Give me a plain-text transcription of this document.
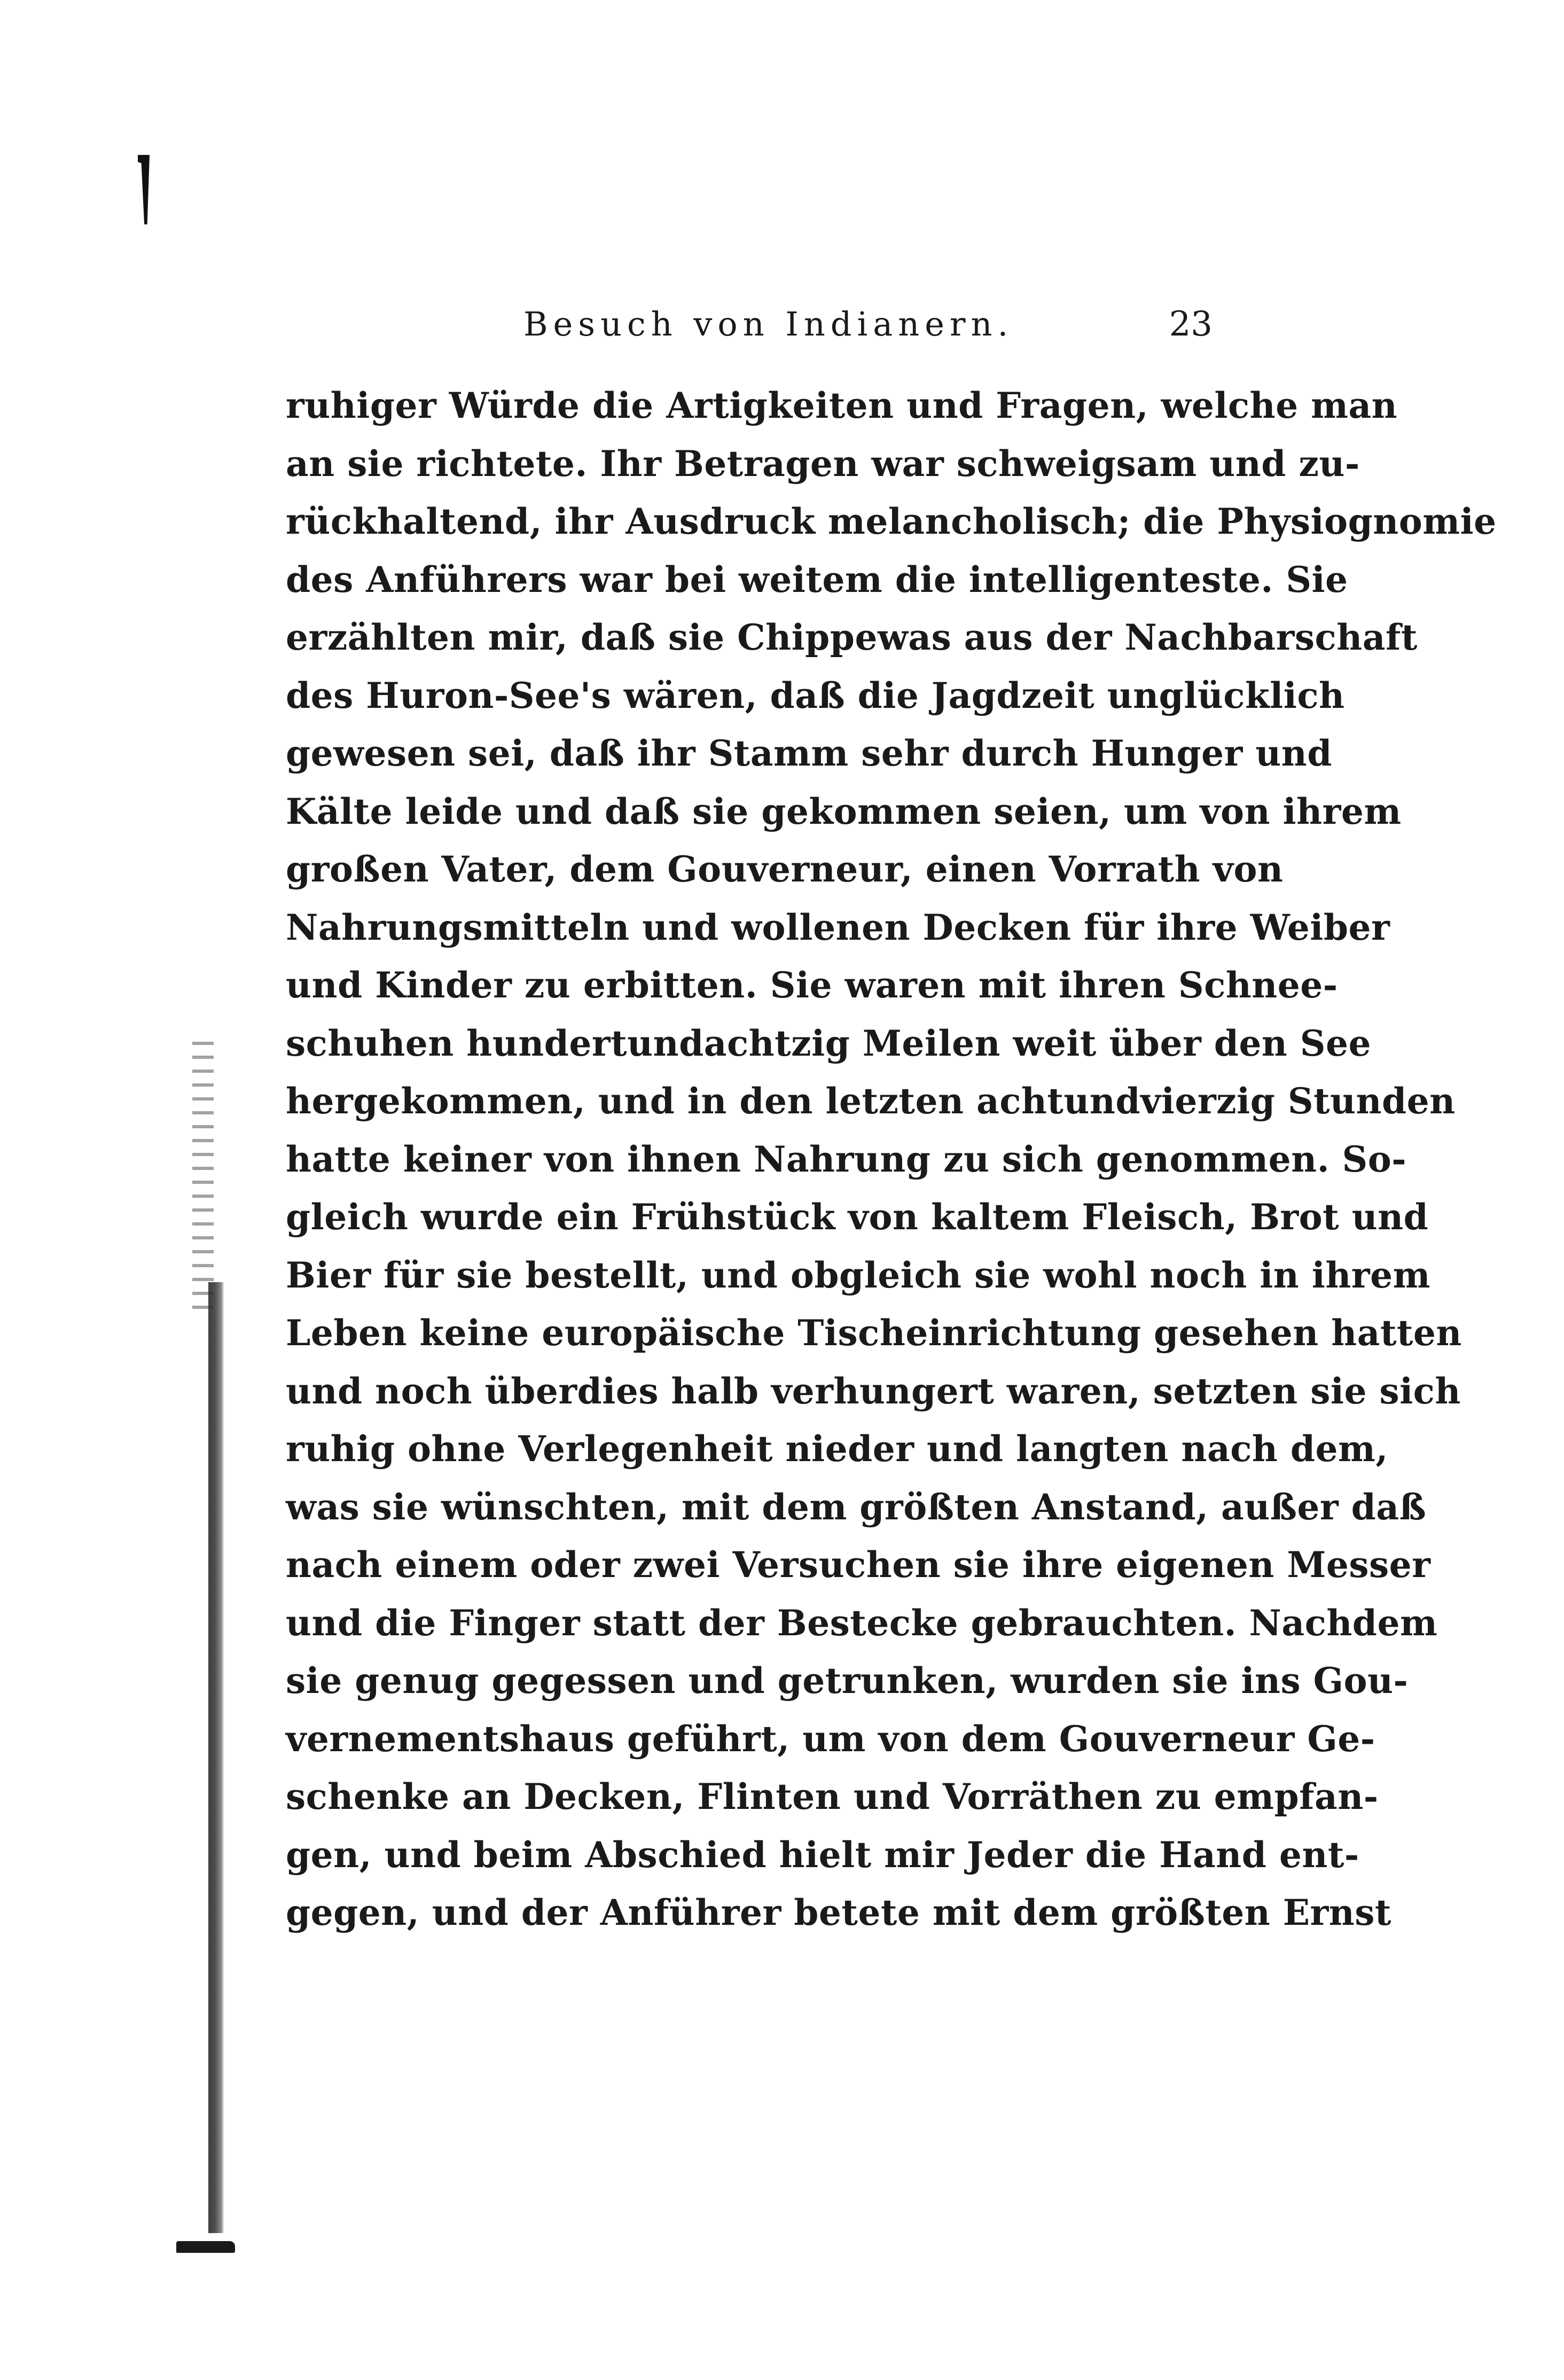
Besuch von Indianern.	23
ruhiger Würde die Artigkeiten und Fragen, welche man
an sie richtete. Ihr Betragen war schweigsam und zu-
rückhaltend, ihr Ausdruck melancholisch; die Physiognomie
des Anführers war bei weitem die intelligenteste. Sie
erzählten mir, daß sie Chippewas aus der Nachbarschaft
des Huron-See's wären, daß die Jagdzeit unglücklich
gewesen sei, daß ihr Stamm sehr durch Hunger und
Kälte leide und daß sie gekommen seien, um von ihrem
großen Vater, dem Gouverneur, einen Vorrath von
Nahrungsmitteln und wollenen Decken für ihre Weiber
und Kinder zu erbitten. Sie waren mit ihren Schnee-
schuhen hundertundachtzig Meilen weit über den See
hergekommen, und in den letzten achtundvierzig Stunden
hatte keiner von ihnen Nahrung zu sich genommen. So-
gleich wurde ein Frühstück von kaltem Fleisch, Brot und
Bier für sie bestellt, und obgleich sie wohl noch in ihrem
Leben keine europäische Tischeinrichtung gesehen hatten
und noch überdies halb verhungert waren, setzten sie sich
ruhig ohne Verlegenheit nieder und langten nach dem,
was sie wünschten, mit dem größten Anstand, außer daß
nach einem oder zwei Versuchen sie ihre eigenen Messer
und die Finger statt der Bestecke gebrauchten. Nachdem
sie genug gegessen und getrunken, wurden sie ins Gou-
vernementshaus geführt, um von dem Gouverneur Ge-
schenke an Decken, Flinten und Vorräthen zu empfan-
gen, und beim Abschied hielt mir Jeder die Hand ent-
gegen, und der Anführer betete mit dem größten Ernst
